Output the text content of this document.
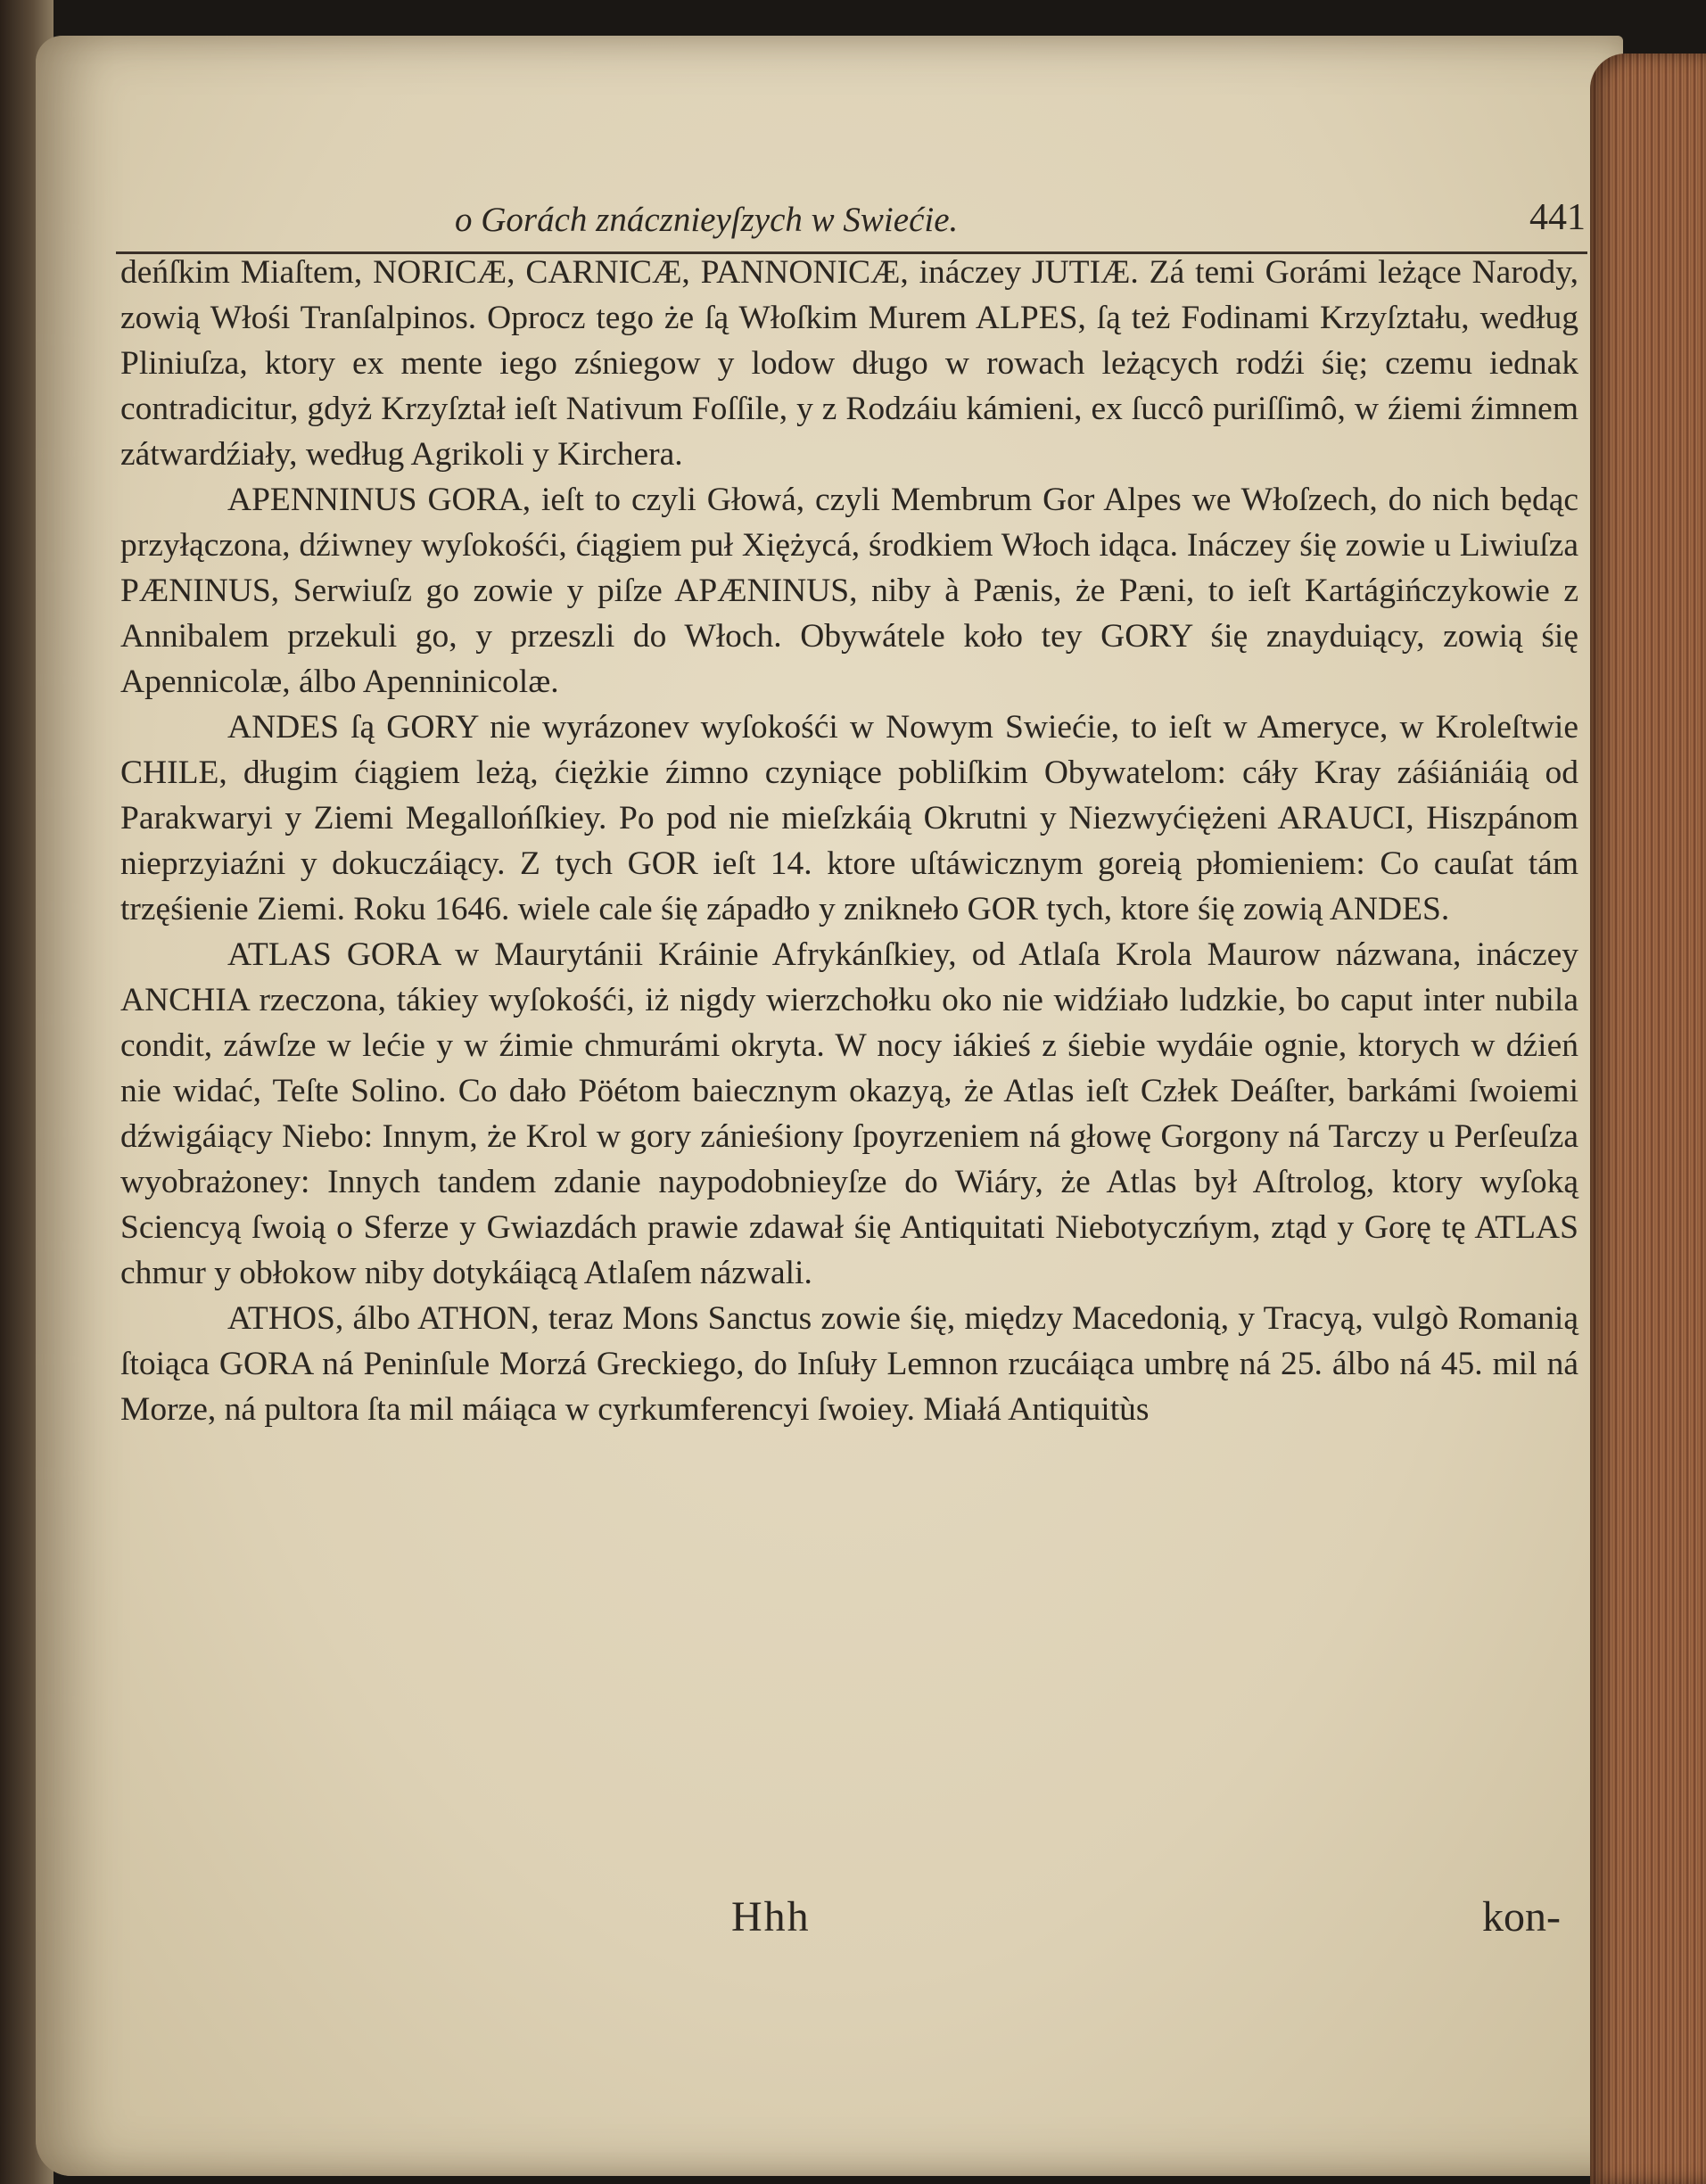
o Gorách znácznieyſzych w Swiećie.	441

deńſkim Miaſtem, NORICÆ, CARNICÆ, PANNONICÆ, ináczey JUTIÆ. Zá temi Gorámi leżące Narody, zowią Włośi Tranſalpinos. Oprocz tego że ſą Włoſkim Murem ALPES, ſą też Fodinami Krzyſztału, według Pliniuſza, ktory ex mente iego zśniegow y lodow długo w rowach leżących rodźi śię; czemu iednak contradicitur, gdyż Krzyſztał ieſt Nativum Foſſile, y z Rodzáiu kámieni, ex ſuccô puriſſimô, w źiemi źimnem zátwardźiały, według Agrikoli y Kirchera.

APENNINUS GORA, ieſt to czyli Głowá, czyli Membrum Gor Alpes we Włoſzech, do nich będąc przyłączona, dźiwney wyſokośći, ćiągiem puł Xiężycá, środkiem Włoch idąca. Ináczey śię zowie u Liwiuſza PÆNINUS, Serwiuſz go zowie y piſze APÆNINUS, niby à Pænis, że Pæni, to ieſt Kartágińczykowie z Annibalem przekuli go, y przeszli do Włoch. Obywátele koło tey GORY śię znayduiący, zowią śię Apennicolæ, álbo Apenninicolæ.

ANDES ſą GORY nie wyrázonev wyſokośći w Nowym Swiećie, to ieſt w Ameryce, w Kroleſtwie CHILE, długim ćiągiem leżą, ćiężkie źimno czyniące pobliſkim Obywatelom: cáły Kray záśiániáią od Parakwaryi y Ziemi Megallońſkiey. Po pod nie mieſzkáią Okrutni y Niezwyćiężeni ARAUCI, Hiszpánom nieprzyiaźni y dokuczáiący. Z tych GOR ieſt 14. ktore uſtáwicznym goreią płomieniem: Co cauſat tám trzęśienie Ziemi. Roku 1646. wiele cale śię západło y znikneło GOR tych, ktore śię zowią ANDES.

ATLAS GORA w Maurytánii Kráinie Afrykánſkiey, od Atlaſa Krola Maurow názwana, ináczey ANCHIA rzeczona, tákiey wyſokośći, iż nigdy wierzchołku oko nie widźiało ludzkie, bo caput inter nubila condit, záwſze w lećie y w źimie chmurámi okryta. W nocy iákieś z śiebie wydáie ognie, ktorych w dźień nie widać, Teſte Solino. Co dało Pöétom baiecznym okazyą, że Atlas ieſt Człek Deáſter, barkámi ſwoiemi dźwigáiący Niebo: Innym, że Krol w gory zánieśiony ſpoyrzeniem ná głowę Gorgony ná Tarczy u Perſeuſza wyobrażoney: Innych tandem zdanie naypodobnieyſze do Wiáry, że Atlas był Aſtrolog, ktory wyſoką Sciencyą ſwoią o Sferze y Gwiazdách prawie zdawał śię Antiquitati Niebotyczńym, ztąd y Gorę tę ATLAS chmur y obłokow niby dotykáiącą Atlaſem názwali.

ATHOS, álbo ATHON, teraz Mons Sanctus zowie śię, między Macedonią, y Tracyą, vulgò Romanią ſtoiąca GORA ná Peninſule Morzá Greckiego, do Inſuły Lemnon rzucáiąca umbrę ná 25. álbo ná 45. mil ná Morze, ná pultora ſta mil máiąca w cyrkumferencyi ſwoiey. Miałá Antiquitùs

Hhh	kon-
